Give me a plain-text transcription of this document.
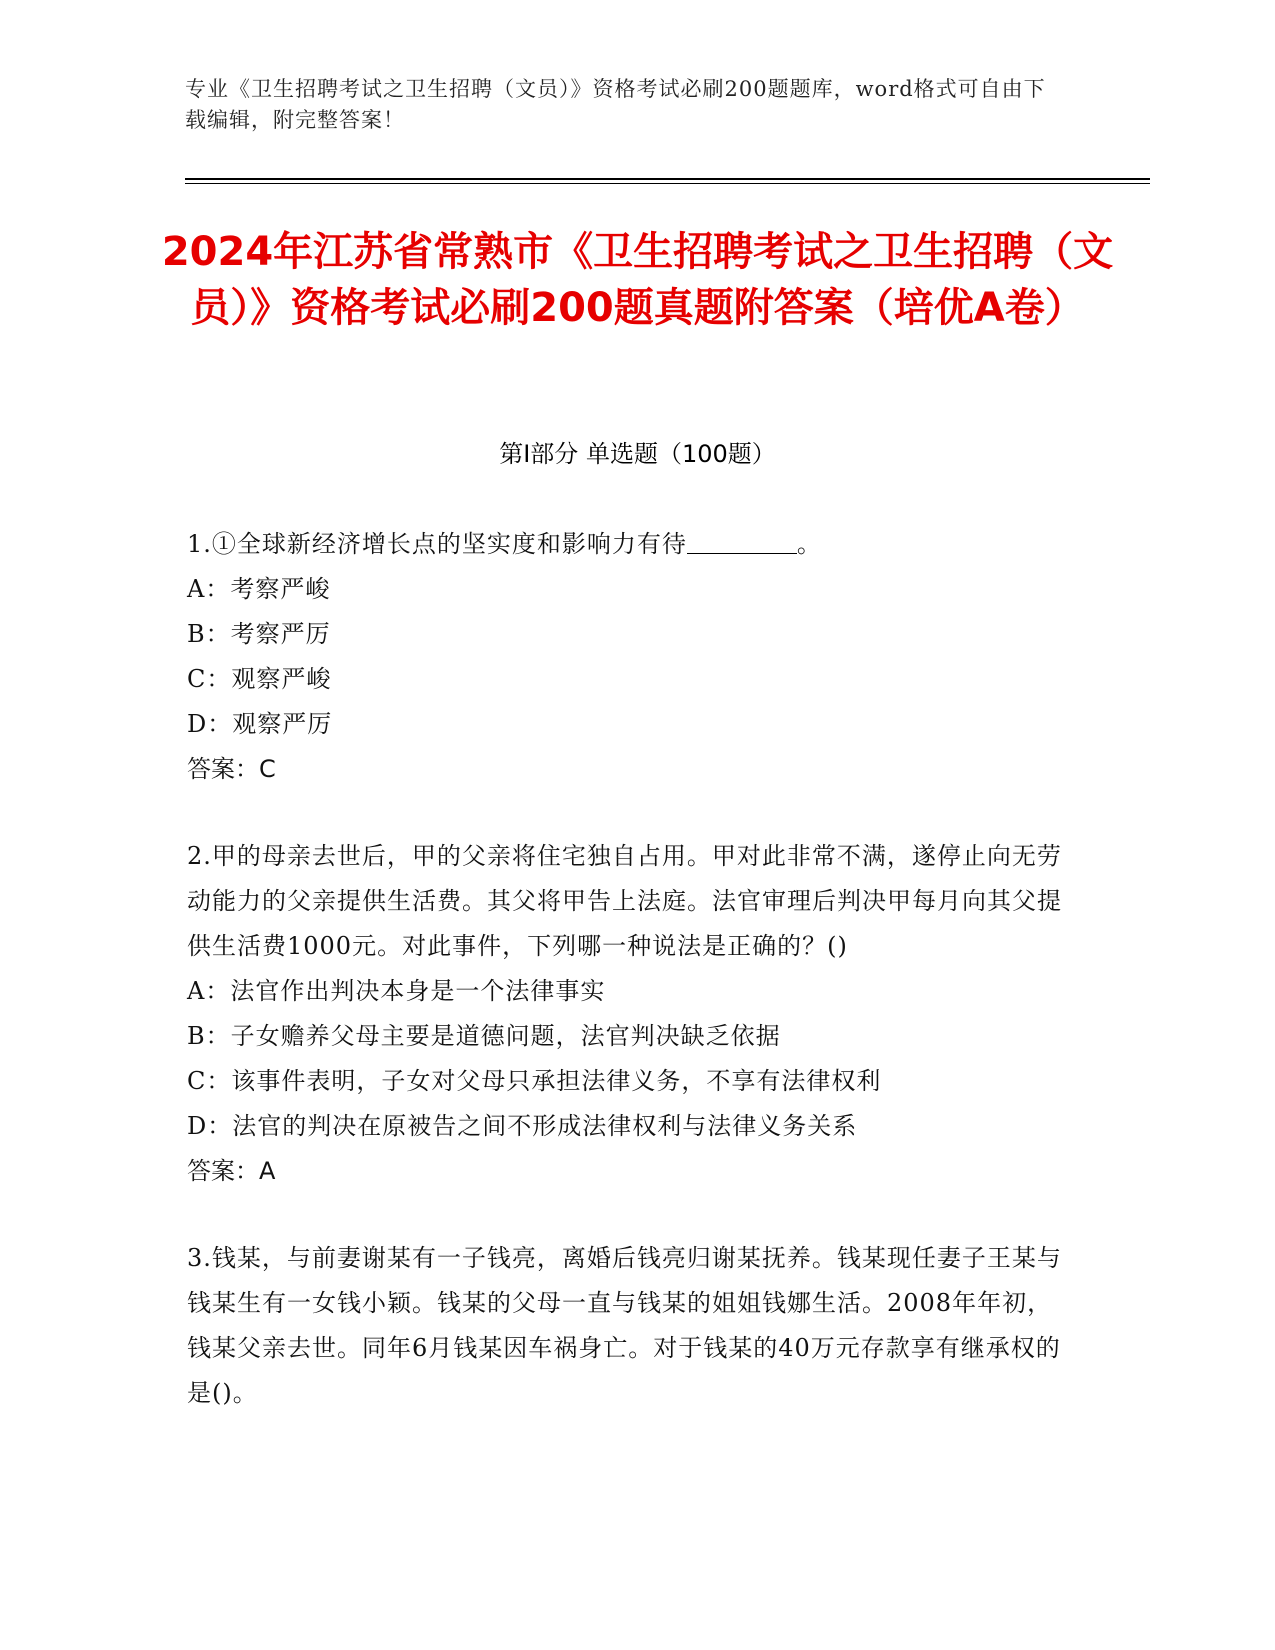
专业《卫生招聘考试之卫生招聘（文员）》资格考试必刷200题题库，word格式可自由下载编辑，附完整答案！
2024年江苏省常熟市《卫生招聘考试之卫生招聘（文员）》资格考试必刷200题真题附答案（培优A卷）
第I部分 单选题（100题）

1.①全球新经济增长点的坚实度和影响力有待	。

A：考察严峻

B：考察严厉

C：观察严峻

D：观察严厉

答案：C

2.甲的母亲去世后，甲的父亲将住宅独自占用。甲对此非常不满，遂停止向无劳动能力的父亲提供生活费。其父将甲告上法庭。法官审理后判决甲每月向其父提供生活费1000元。对此事件，下列哪一种说法是正确的？()

A：法官作出判决本身是一个法律事实

B：子女赡养父母主要是道德问题，法官判决缺乏依据

C：该事件表明，子女对父母只承担法律义务，不享有法律权利

D：法官的判决在原被告之间不形成法律权利与法律义务关系

答案：A

3.钱某，与前妻谢某有一子钱亮，离婚后钱亮归谢某抚养。钱某现任妻子王某与钱某生有一女钱小颖。钱某的父母一直与钱某的姐姐钱娜生活。2008年年初，钱某父亲去世。同年6月钱某因车祸身亡。对于钱某的40万元存款享有继承权的是()。
